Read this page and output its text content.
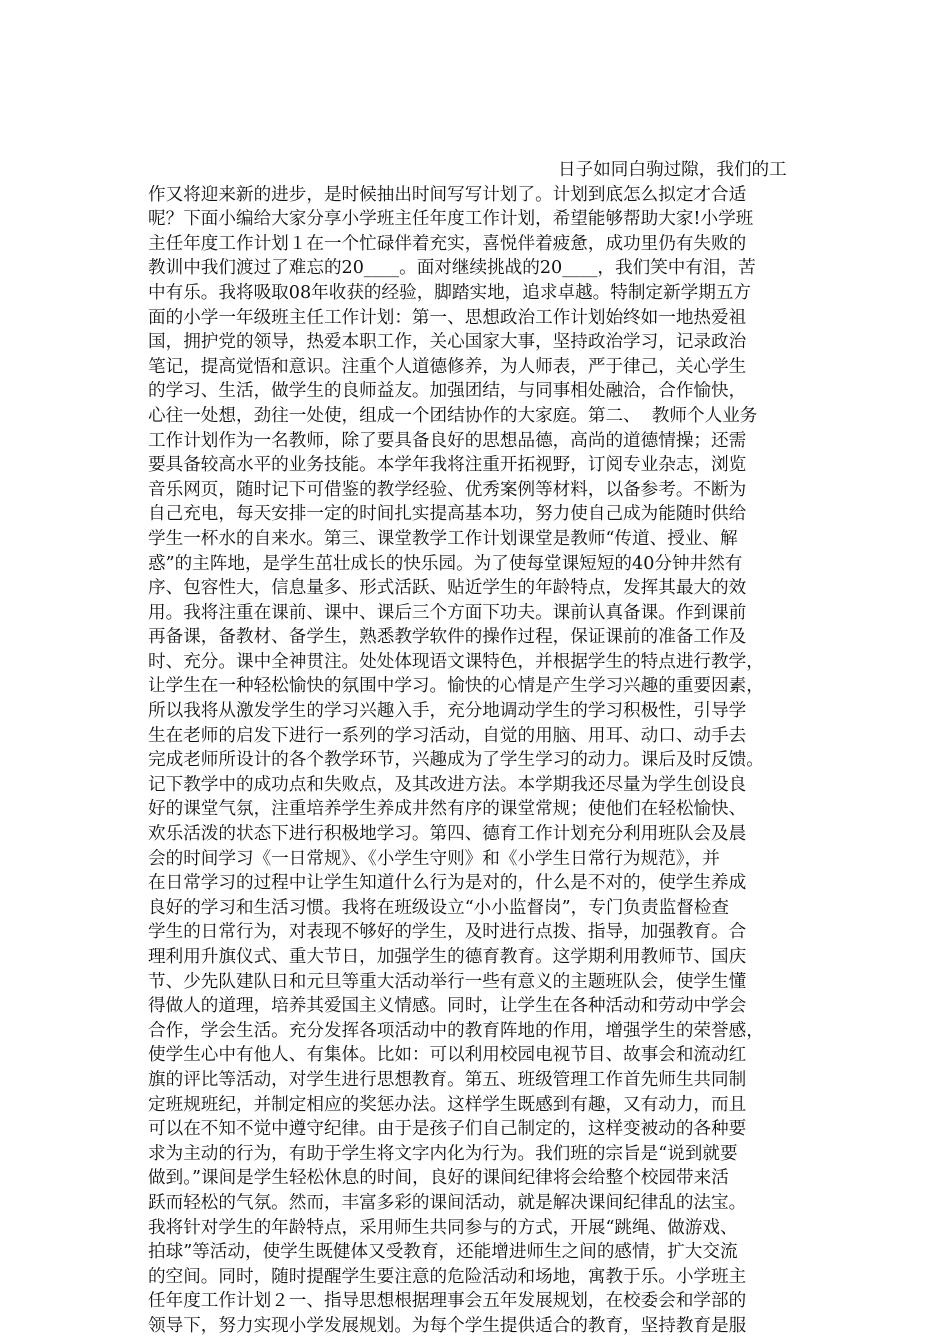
日子如同白驹过隙，我们的工
作又将迎来新的进步，是时候抽出时间写写计划了。计划到底怎么拟定才合适
呢？下面小编给大家分享小学班主任年度工作计划，希望能够帮助大家!小学班
主任年度工作计划１在一个忙碌伴着充实，喜悦伴着疲惫，成功里仍有失败的
教训中我们渡过了难忘的20____。面对继续挑战的20____，我们笑中有泪，苦
中有乐。我将吸取08年收获的经验，脚踏实地，追求卓越。特制定新学期五方
面的小学一年级班主任工作计划：第一、思想政治工作计划始终如一地热爱祖
国，拥护党的领导，热爱本职工作，关心国家大事，坚持政治学习，记录政治
笔记，提高觉悟和意识。注重个人道德修养，为人师表，严于律己，关心学生
的学习、生活，做学生的良师益友。加强团结，与同事相处融洽，合作愉快，
心往一处想，劲往一处使，组成一个团结协作的大家庭。第二、  教师个人业务
工作计划作为一名教师，除了要具备良好的思想品德，高尚的道德情操；还需
要具备较高水平的业务技能。本学年我将注重开拓视野，订阅专业杂志，浏览
音乐网页，随时记下可借鉴的教学经验、优秀案例等材料，以备参考。不断为
自己充电，每天安排一定的时间扎实提高基本功，努力使自己成为能随时供给
学生一杯水的自来水。第三、课堂教学工作计划课堂是教师“传道、授业、解
惑”的主阵地，是学生茁壮成长的快乐园。为了使每堂课短短的40分钟井然有
序、包容性大，信息量多、形式活跃、贴近学生的年龄特点，发挥其最大的效
用。我将注重在课前、课中、课后三个方面下功夫。课前认真备课。作到课前
再备课，备教材、备学生，熟悉教学软件的操作过程，保证课前的准备工作及
时、充分。课中全神贯注。处处体现语文课特色，并根据学生的特点进行教学，
让学生在一种轻松愉快的氛围中学习。愉快的心情是产生学习兴趣的重要因素，
所以我将从激发学生的学习兴趣入手，充分地调动学生的学习积极性，引导学
生在老师的启发下进行一系列的学习活动，自觉的用脑、用耳、动口、动手去
完成老师所设计的各个教学环节，兴趣成为了学生学习的动力。课后及时反馈。
记下教学中的成功点和失败点，及其改进方法。本学期我还尽量为学生创设良
好的课堂气氛，注重培养学生养成井然有序的课堂常规；使他们在轻松愉快、
欢乐活泼的状态下进行积极地学习。第四、德育工作计划充分利用班队会及晨
会的时间学习《一日常规》、《小学生守则》和《小学生日常行为规范》，并
在日常学习的过程中让学生知道什么行为是对的，什么是不对的，使学生养成
良好的学习和生活习惯。我将在班级设立“小小监督岗”，专门负责监督检查
学生的日常行为，对表现不够好的学生，及时进行点拨、指导，加强教育。合
理利用升旗仪式、重大节日，加强学生的德育教育。这学期利用教师节、国庆
节、少先队建队日和元旦等重大活动举行一些有意义的主题班队会，使学生懂
得做人的道理，培养其爱国主义情感。同时，让学生在各种活动和劳动中学会
合作，学会生活。充分发挥各项活动中的教育阵地的作用，增强学生的荣誉感，
使学生心中有他人、有集体。比如：可以利用校园电视节目、故事会和流动红
旗的评比等活动，对学生进行思想教育。第五、班级管理工作首先师生共同制
定班规班纪，并制定相应的奖惩办法。这样学生既感到有趣，又有动力，而且
可以在不知不觉中遵守纪律。由于是孩子们自己制定的，这样变被动的各种要
求为主动的行为，有助于学生将文字内化为行为。我们班的宗旨是“说到就要
做到。”课间是学生轻松休息的时间，良好的课间纪律将会给整个校园带来活
跃而轻松的气氛。然而，丰富多彩的课间活动，就是解决课间纪律乱的法宝。
我将针对学生的年龄特点，采用师生共同参与的方式，开展“跳绳、做游戏、
拍球”等活动，使学生既健体又受教育，还能增进师生之间的感情，扩大交流
的空间。同时，随时提醒学生要注意的危险活动和场地，寓教于乐。小学班主
任年度工作计划２一、指导思想根据理事会五年发展规划，在校委会和学部的
领导下，努力实现小学发展规划。为每个学生提供适合的教育，坚持教育是服
